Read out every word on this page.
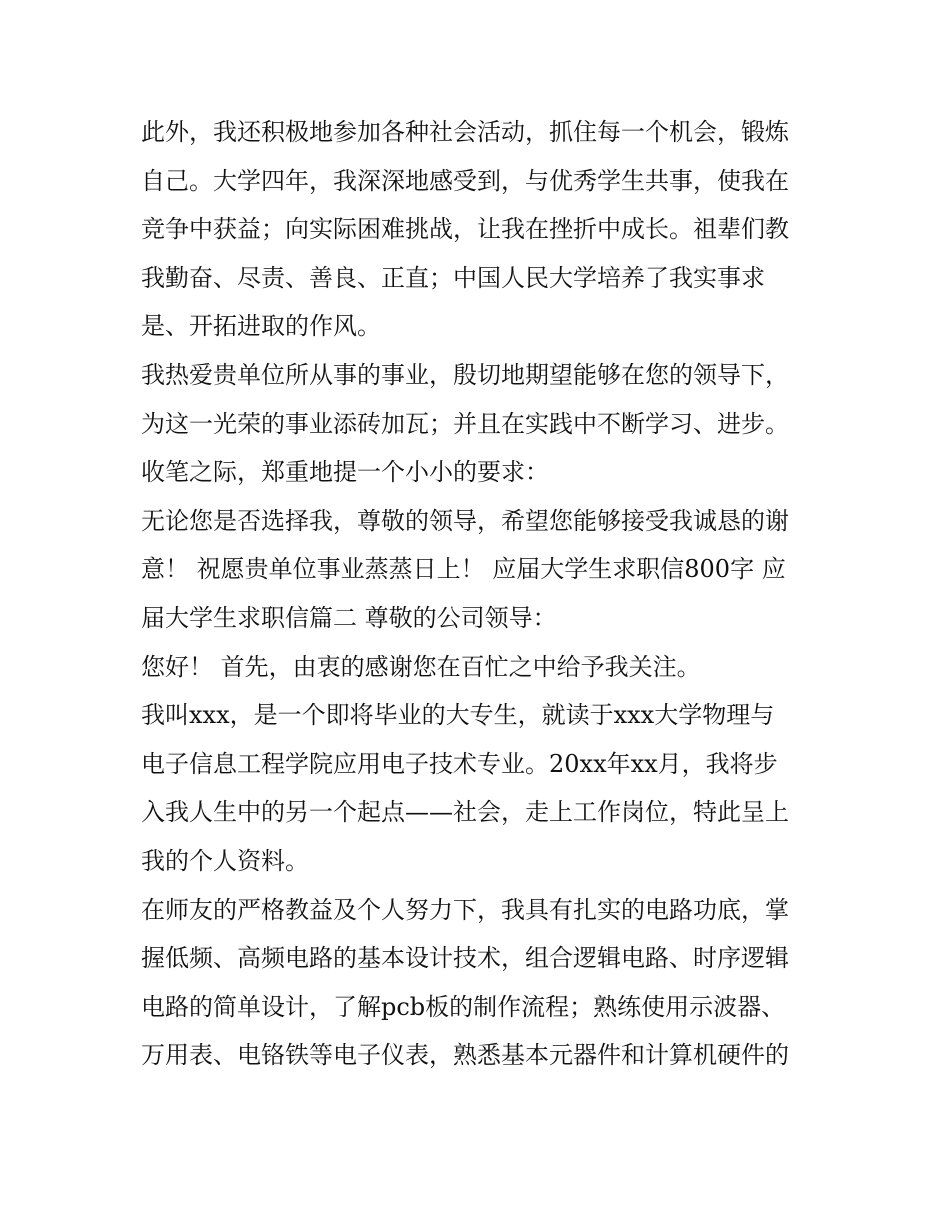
此外，我还积极地参加各种社会活动，抓住每一个机会，锻炼
自己。大学四年，我深深地感受到，与优秀学生共事，使我在
竞争中获益；向实际困难挑战，让我在挫折中成长。祖辈们教
我勤奋、尽责、善良、正直；中国人民大学培养了我实事求
是、开拓进取的作风。
我热爱贵单位所从事的事业，殷切地期望能够在您的领导下，
为这一光荣的事业添砖加瓦；并且在实践中不断学习、进步。
收笔之际，郑重地提一个小小的要求：
无论您是否选择我，尊敬的领导，希望您能够接受我诚恳的谢
意！ 祝愿贵单位事业蒸蒸日上！ 应届大学生求职信800字 应
届大学生求职信篇二 尊敬的公司领导：
您好！ 首先，由衷的感谢您在百忙之中给予我关注。
我叫xxx，是一个即将毕业的大专生，就读于xxx大学物理与
电子信息工程学院应用电子技术专业。20xx年xx月，我将步
入我人生中的另一个起点——社会，走上工作岗位，特此呈上
我的个人资料。
在师友的严格教益及个人努力下，我具有扎实的电路功底，掌
握低频、高频电路的基本设计技术，组合逻辑电路、时序逻辑
电路的简单设计，了解pcb板的制作流程；熟练使用示波器、
万用表、电铬铁等电子仪表，熟悉基本元器件和计算机硬件的
